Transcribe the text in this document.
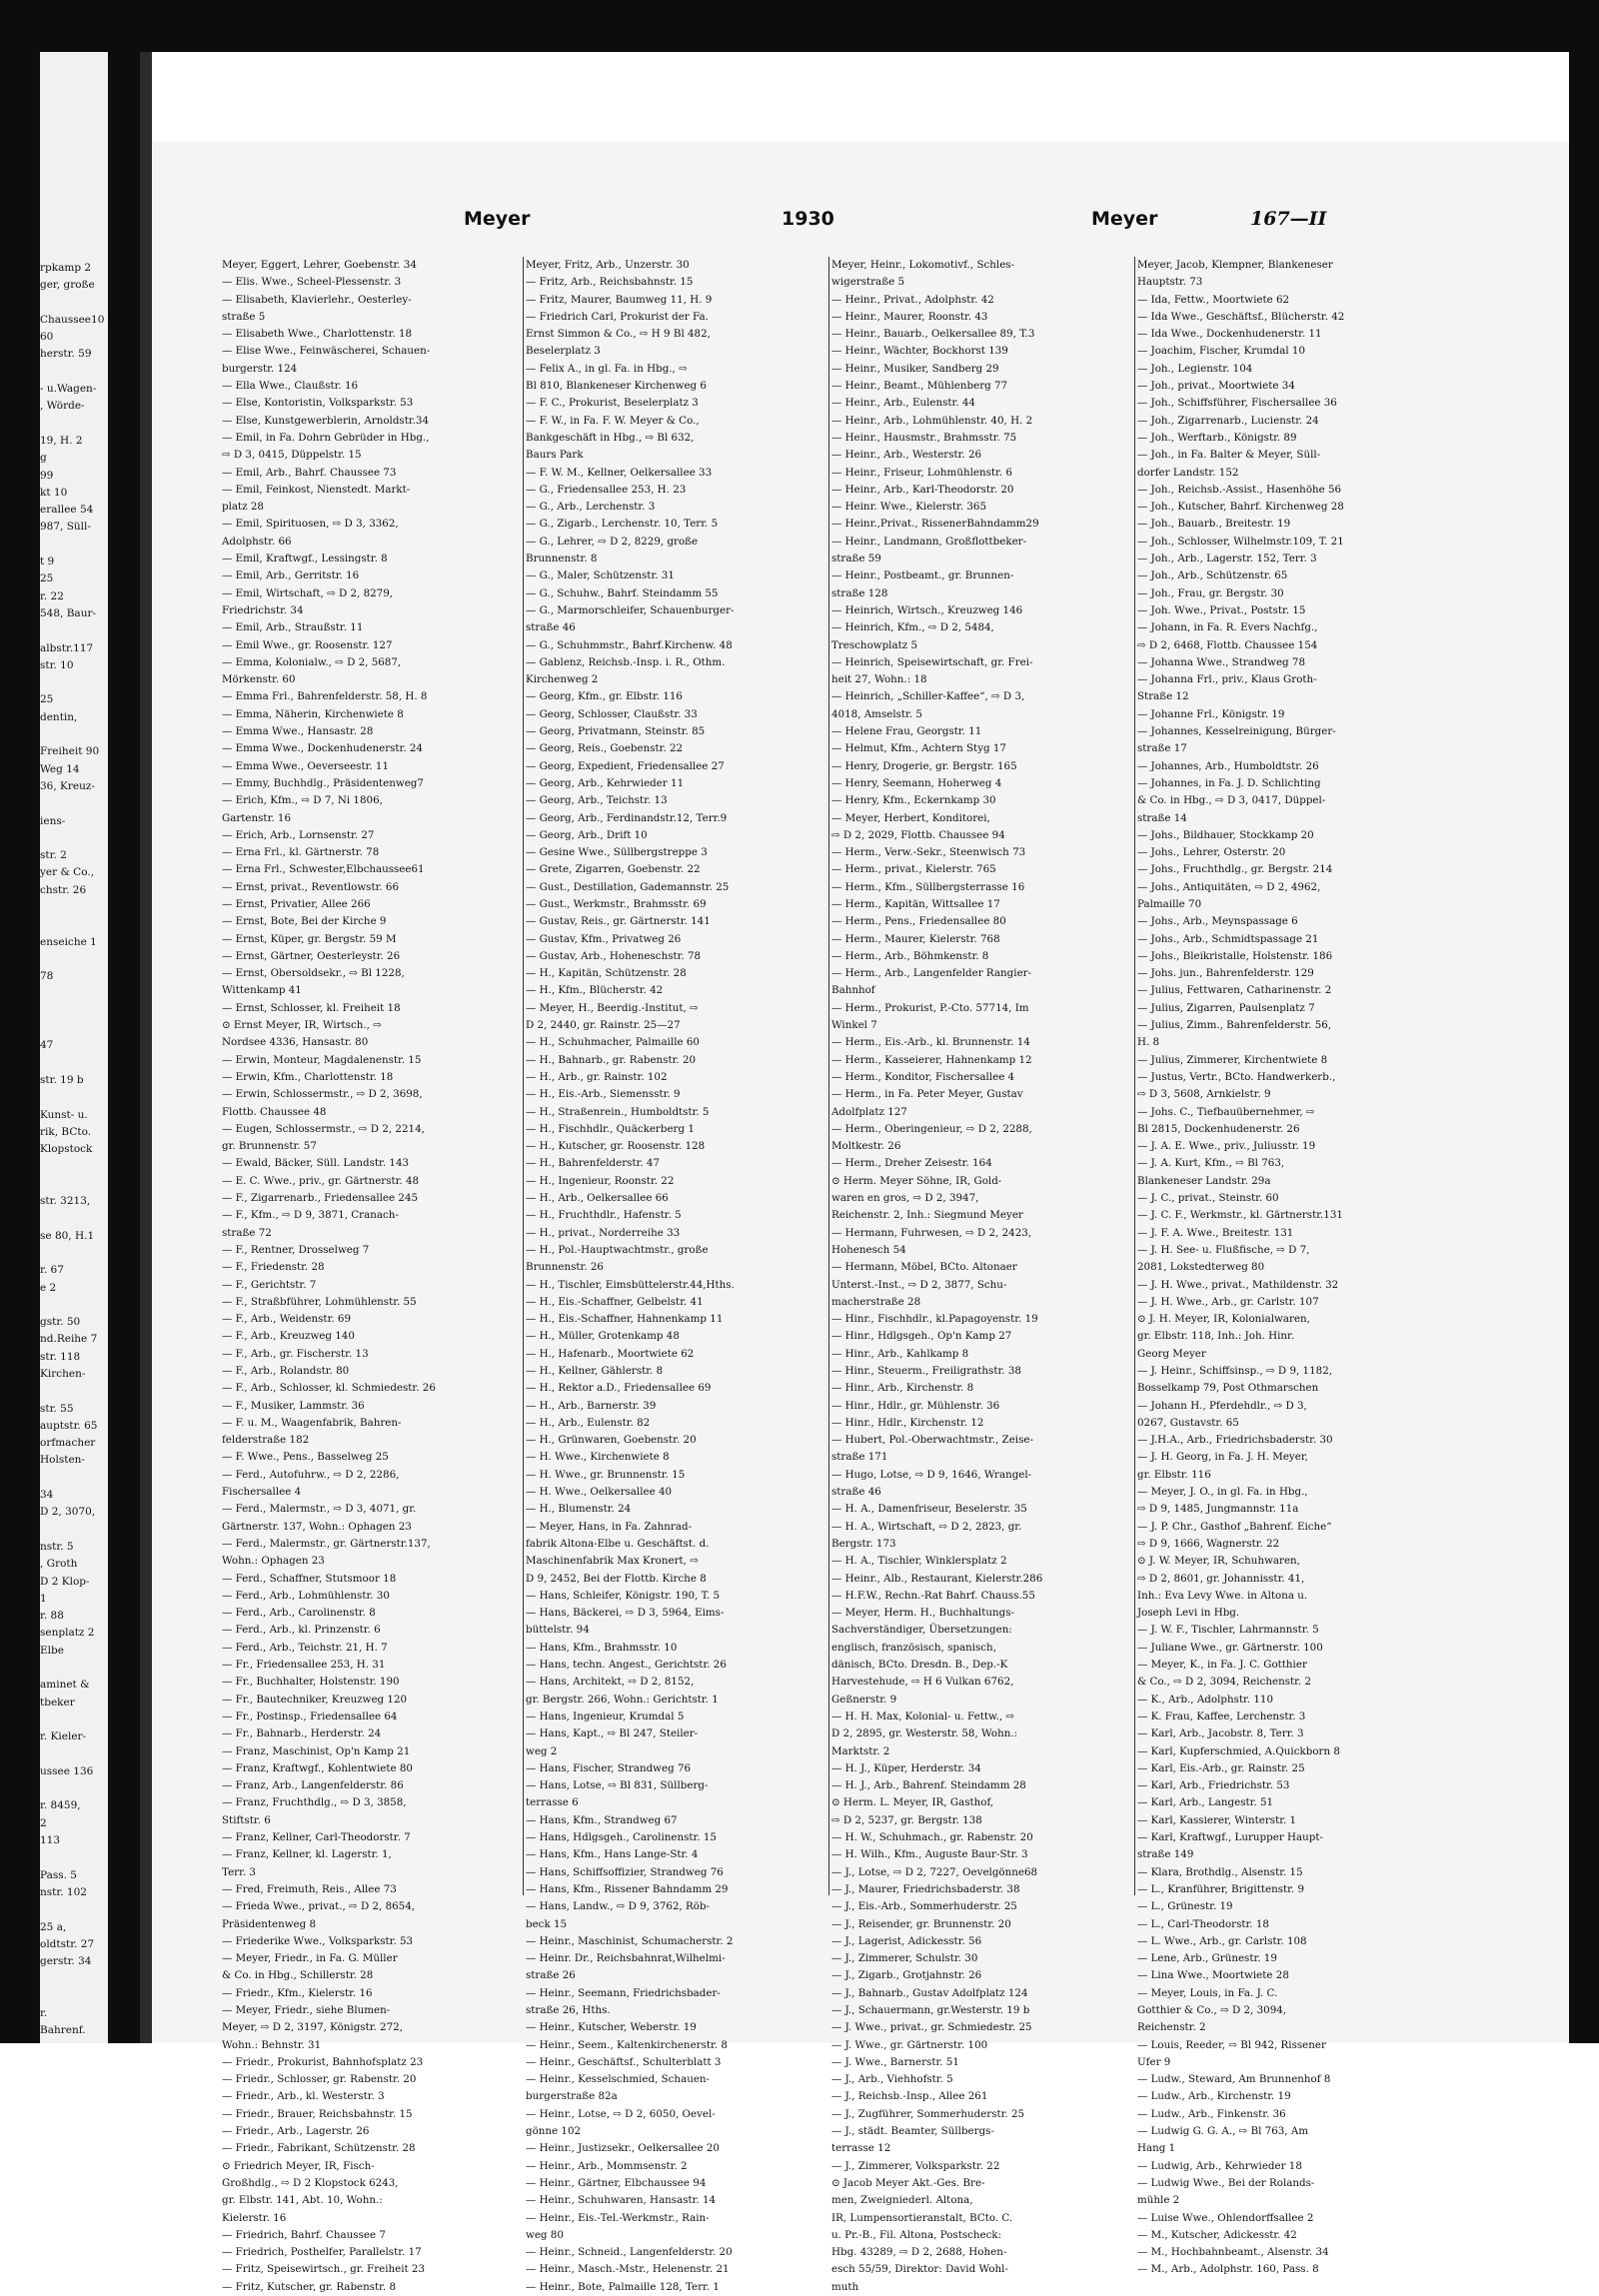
rpkamp 2
ger, große

Chaussee10
60
herstr. 59

- u.Wagen-
, Wörde-

19, H. 2
g
99
kt 10
erallee 54
987, Süll-

t 9
25
r. 22
548, Baur-

albstr.117
str. 10

25
dentin,

Freiheit 90
Weg 14
36, Kreuz-

iens-

str. 2
yer & Co.,
chstr. 26

enseiche 1

78

47

str. 19 b

Kunst- u.
rik, BCto.
Klopstock

str. 3213,

se 80, H.1

r. 67
e 2

gstr. 50
nd.Reihe 7
str. 118
Kirchen-

str. 55
auptstr. 65
orfmacher
Holsten-

34
D 2, 3070,

nstr. 5
, Groth
D 2 Klop-
1
r. 88
senplatz 2
Elbe

aminet &
tbeker

r. Kieler-

ussee 136

r. 8459,
2
113

Pass. 5
nstr. 102

25 a,
oldtstr. 27
gerstr. 34

r.
Bahrenf.

Meyer	1930	Meyer	167—II
Meyer, Eggert, Lehrer, Goebenstr. 34
— Elis. Wwe., Scheel-Plessenstr. 3
— Elisabeth, Klavierlehr., Oesterley-
straße 5
— Elisabeth Wwe., Charlottenstr. 18
— Elise Wwe., Feinwäscherei, Schauen-
burgerstr. 124
— Ella Wwe., Claußstr. 16
— Else, Kontoristin, Volksparkstr. 53
— Else, Kunstgewerblerin, Arnoldstr.34
— Emil, in Fa. Dohrn Gebrüder in Hbg.,
⇨ D 3, 0415, Düppelstr. 15
— Emil, Arb., Bahrf. Chaussee 73
— Emil, Feinkost, Nienstedt. Markt-
platz 28
— Emil, Spirituosen, ⇨ D 3, 3362,
Adolphstr. 66
— Emil, Kraftwgf., Lessingstr. 8
— Emil, Arb., Gerritstr. 16
— Emil, Wirtschaft, ⇨ D 2, 8279,
Friedrichstr. 34
— Emil, Arb., Straußstr. 11
— Emil Wwe., gr. Roosenstr. 127
— Emma, Kolonialw., ⇨ D 2, 5687,
Mörkenstr. 60
— Emma Frl., Bahrenfelderstr. 58, H. 8
— Emma, Näherin, Kirchenwiete 8
— Emma Wwe., Hansastr. 28
— Emma Wwe., Dockenhudenerstr. 24
— Emma Wwe., Oeverseestr. 11
— Emmy, Buchhdlg., Präsidentenweg7
— Erich, Kfm., ⇨ D 7, Ni 1806,
Gartenstr. 16
— Erich, Arb., Lornsenstr. 27
— Erna Frl., kl. Gärtnerstr. 78
— Erna Frl., Schwester,Elbchaussee61
— Ernst, privat., Reventlowstr. 66
— Ernst, Privatier, Allee 266
— Ernst, Bote, Bei der Kirche 9
— Ernst, Küper, gr. Bergstr. 59 M
— Ernst, Gärtner, Oesterleystr. 26
— Ernst, Obersoldsekr., ⇨ Bl 1228,
Wittenkamp 41
— Ernst, Schlosser, kl. Freiheit 18
⊙ Ernst Meyer, IR, Wirtsch., ⇨
Nordsee 4336, Hansastr. 80
— Erwin, Monteur, Magdalenenstr. 15
— Erwin, Kfm., Charlottenstr. 18
— Erwin, Schlossermstr., ⇨ D 2, 3698,
Flottb. Chaussee 48
— Eugen, Schlossermstr., ⇨ D 2, 2214,
gr. Brunnenstr. 57
— Ewald, Bäcker, Süll. Landstr. 143
— E. C. Wwe., priv., gr. Gärtnerstr. 48
— F., Zigarrenarb., Friedensallee 245
— F., Kfm., ⇨ D 9, 3871, Cranach-
straße 72
— F., Rentner, Drosselweg 7
— F., Friedenstr. 28
— F., Gerichtstr. 7
— F., Straßbführer, Lohmühlenstr. 55
— F., Arb., Weidenstr. 69
— F., Arb., Kreuzweg 140
— F., Arb., gr. Fischerstr. 13
— F., Arb., Rolandstr. 80
— F., Arb., Schlosser, kl. Schmiedestr. 26
— F., Musiker, Lammstr. 36
— F. u. M., Waagenfabrik, Bahren-
felderstraße 182
— F. Wwe., Pens., Basselweg 25
— Ferd., Autofuhrw., ⇨ D 2, 2286,
Fischersallee 4
— Ferd., Malermstr., ⇨ D 3, 4071, gr.
Gärtnerstr. 137, Wohn.: Ophagen 23
— Ferd., Malermstr., gr. Gärtnerstr.137,
Wohn.: Ophagen 23
— Ferd., Schaffner, Stutsmoor 18
— Ferd., Arb., Lohmühlenstr. 30
— Ferd., Arb., Carolinenstr. 8
— Ferd., Arb., kl. Prinzenstr. 6
— Ferd., Arb., Teichstr. 21, H. 7
— Fr., Friedensallee 253, H. 31
— Fr., Buchhalter, Holstenstr. 190
— Fr., Bautechniker, Kreuzweg 120
— Fr., Postinsp., Friedensallee 64
— Fr., Bahnarb., Herderstr. 24
— Franz, Maschinist, Op'n Kamp 21
— Franz, Kraftwgf., Kohlentwiete 80
— Franz, Arb., Langenfelderstr. 86
— Franz, Fruchthdlg., ⇨ D 3, 3858,
Stiftstr. 6
— Franz, Kellner, Carl-Theodorstr. 7
— Franz, Kellner, kl. Lagerstr. 1,
Terr. 3
— Fred, Freimuth, Reis., Allee 73
— Frieda Wwe., privat., ⇨ D 2, 8654,
Präsidentenweg 8
— Friederike Wwe., Volksparkstr. 53
— Meyer, Friedr., in Fa. G. Müller
& Co. in Hbg., Schillerstr. 28
— Friedr., Kfm., Kielerstr. 16
— Meyer, Friedr., siehe Blumen-
Meyer, ⇨ D 2, 3197, Königstr. 272,
Wohn.: Behnstr. 31
— Friedr., Prokurist, Bahnhofsplatz 23
— Friedr., Schlosser, gr. Rabenstr. 20
— Friedr., Arb., kl. Westerstr. 3
— Friedr., Brauer, Reichsbahnstr. 15
— Friedr., Arb., Lagerstr. 26
— Friedr., Fabrikant, Schützenstr. 28
⊙ Friedrich Meyer, IR, Fisch-
Großhdlg., ⇨ D 2 Klopstock 6243,
gr. Elbstr. 141, Abt. 10, Wohn.:
Kielerstr. 16
— Friedrich, Bahrf. Chaussee 7
— Friedrich, Posthelfer, Parallelstr. 17
— Fritz, Speisewirtsch., gr. Freiheit 23
— Fritz, Kutscher, gr. Rabenstr. 8
Meyer, Fritz, Arb., Unzerstr. 30
— Fritz, Arb., Reichsbahnstr. 15
— Fritz, Maurer, Baumweg 11, H. 9
— Friedrich Carl, Prokurist der Fa.
Ernst Simmon & Co., ⇨ H 9 Bl 482,
Beselerplatz 3
— Felix A., in gl. Fa. in Hbg., ⇨
Bl 810, Blankeneser Kirchenweg 6
— F. C., Prokurist, Beselerplatz 3
— F. W., in Fa. F. W. Meyer & Co.,
Bankgeschäft in Hbg., ⇨ Bl 632,
Baurs Park
— F. W. M., Kellner, Oelkersallee 33
— G., Friedensallee 253, H. 23
— G., Arb., Lerchenstr. 3
— G., Zigarb., Lerchenstr. 10, Terr. 5
— G., Lehrer, ⇨ D 2, 8229, große
Brunnenstr. 8
— G., Maler, Schützenstr. 31
— G., Schuhw., Bahrf. Steindamm 55
— G., Marmorschleifer, Schauenburger-
straße 46
— G., Schuhmmstr., Bahrf.Kirchenw. 48
— Gablenz, Reichsb.-Insp. i. R., Othm.
Kirchenweg 2
— Georg, Kfm., gr. Elbstr. 116
— Georg, Schlosser, Claußstr. 33
— Georg, Privatmann, Steinstr. 85
— Georg, Reis., Goebenstr. 22
— Georg, Expedient, Friedensallee 27
— Georg, Arb., Kehrwieder 11
— Georg, Arb., Teichstr. 13
— Georg, Arb., Ferdinandstr.12, Terr.9
— Georg, Arb., Drift 10
— Gesine Wwe., Süllbergstreppe 3
— Grete, Zigarren, Goebenstr. 22
— Gust., Destillation, Gademannstr. 25
— Gust., Werkmstr., Brahmsstr. 69
— Gustav, Reis., gr. Gärtnerstr. 141
— Gustav, Kfm., Privatweg 26
— Gustav, Arb., Hoheneschstr. 78
— H., Kapitän, Schützenstr. 28
— H., Kfm., Blücherstr. 42
— Meyer, H., Beerdig.-Institut, ⇨
D 2, 2440, gr. Rainstr. 25—27
— H., Schuhmacher, Palmaille 60
— H., Bahnarb., gr. Rabenstr. 20
— H., Arb., gr. Rainstr. 102
— H., Eis.-Arb., Siemensstr. 9
— H., Straßenrein., Humboldtstr. 5
— H., Fischhdlr., Quäckerberg 1
— H., Kutscher, gr. Roosenstr. 128
— H., Bahrenfelderstr. 47
— H., Ingenieur, Roonstr. 22
— H., Arb., Oelkersallee 66
— H., Fruchthdlr., Hafenstr. 5
— H., privat., Norderreihe 33
— H., Pol.-Hauptwachtmstr., große
Brunnenstr. 26
— H., Tischler, Eimsbüttelerstr.44,Hths.
— H., Eis.-Schaffner, Gelbelstr. 41
— H., Eis.-Schaffner, Hahnenkamp 11
— H., Müller, Grotenkamp 48
— H., Hafenarb., Moortwiete 62
— H., Kellner, Gählerstr. 8
— H., Rektor a.D., Friedensallee 69
— H., Arb., Barnerstr. 39
— H., Arb., Eulenstr. 82
— H., Grünwaren, Goebenstr. 20
— H. Wwe., Kirchenwiete 8
— H. Wwe., gr. Brunnenstr. 15
— H. Wwe., Oelkersallee 40
— H., Blumenstr. 24
— Meyer, Hans, in Fa. Zahnrad-
fabrik Altona-Elbe u. Geschäftst. d.
Maschinenfabrik Max Kronert, ⇨
D 9, 2452, Bei der Flottb. Kirche 8
— Hans, Schleifer, Königstr. 190, T. 5
— Hans, Bäckerei, ⇨ D 3, 5964, Eims-
büttelstr. 94
— Hans, Kfm., Brahmsstr. 10
— Hans, techn. Angest., Gerichtstr. 26
— Hans, Architekt, ⇨ D 2, 8152,
gr. Bergstr. 266, Wohn.: Gerichtstr. 1
— Hans, Ingenieur, Krumdal 5
— Hans, Kapt., ⇨ Bl 247, Steiler-
weg 2
— Hans, Fischer, Strandweg 76
— Hans, Lotse, ⇨ Bl 831, Süllberg-
terrasse 6
— Hans, Kfm., Strandweg 67
— Hans, Hdlgsgeh., Carolinenstr. 15
— Hans, Kfm., Hans Lange-Str. 4
— Hans, Schiffsoffizier, Strandweg 76
— Hans, Kfm., Rissener Bahndamm 29
— Hans, Landw., ⇨ D 9, 3762, Röb-
beck 15
— Heinr., Maschinist, Schumacherstr. 2
— Heinr. Dr., Reichsbahnrat,Wilhelmi-
straße 26
— Heinr., Seemann, Friedrichsbader-
straße 26, Hths.
— Heinr., Kutscher, Weberstr. 19
— Heinr., Seem., Kaltenkirchenerstr. 8
— Heinr., Geschäftsf., Schulterblatt 3
— Heinr., Kesselschmied, Schauen-
burgerstraße 82a
— Heinr., Lotse, ⇨ D 2, 6050, Oevel-
gönne 102
— Heinr., Justizsekr., Oelkersallee 20
— Heinr., Arb., Mommsenstr. 2
— Heinr., Gärtner, Elbchaussee 94
— Heinr., Schuhwaren, Hansastr. 14
— Heinr., Eis.-Tel.-Werkmstr., Rain-
weg 80
— Heinr., Schneid., Langenfelderstr. 20
— Heinr., Masch.-Mstr., Helenenstr. 21
— Heinr., Bote, Palmaille 128, Terr. 1
Meyer, Heinr., Lokomotivf., Schles-
wigerstraße 5
— Heinr., Privat., Adolphstr. 42
— Heinr., Maurer, Roonstr. 43
— Heinr., Bauarb., Oelkersallee 89, T.3
— Heinr., Wächter, Bockhorst 139
— Heinr., Musiker, Sandberg 29
— Heinr., Beamt., Mühlenberg 77
— Heinr., Arb., Eulenstr. 44
— Heinr., Arb., Lohmühlenstr. 40, H. 2
— Heinr., Hausmstr., Brahmsstr. 75
— Heinr., Arb., Westerstr. 26
— Heinr., Friseur, Lohmühlenstr. 6
— Heinr., Arb., Karl-Theodorstr. 20
— Heinr. Wwe., Kielerstr. 365
— Heinr.,Privat., RissenerBahndamm29
— Heinr., Landmann, Großflottbeker-
straße 59
— Heinr., Postbeamt., gr. Brunnen-
straße 128
— Heinrich, Wirtsch., Kreuzweg 146
— Heinrich, Kfm., ⇨ D 2, 5484,
Treschowplatz 5
— Heinrich, Speisewirtschaft, gr. Frei-
heit 27, Wohn.: 18
— Heinrich, „Schiller-Kaffee“, ⇨ D 3,
4018, Amselstr. 5
— Helene Frau, Georgstr. 11
— Helmut, Kfm., Achtern Styg 17
— Henry, Drogerie, gr. Bergstr. 165
— Henry, Seemann, Hoherweg 4
— Henry, Kfm., Eckernkamp 30
— Meyer, Herbert, Konditorei,
⇨ D 2, 2029, Flottb. Chaussee 94
— Herm., Verw.-Sekr., Steenwisch 73
— Herm., privat., Kielerstr. 765
— Herm., Kfm., Süllbergsterrasse 16
— Herm., Kapitän, Wittsallee 17
— Herm., Pens., Friedensallee 80
— Herm., Maurer, Kielerstr. 768
— Herm., Arb., Böhmkenstr. 8
— Herm., Arb., Langenfelder Rangier-
Bahnhof
— Herm., Prokurist, P.-Cto. 57714, Im
Winkel 7
— Herm., Eis.-Arb., kl. Brunnenstr. 14
— Herm., Kasseierer, Hahnenkamp 12
— Herm., Konditor, Fischersallee 4
— Herm., in Fa. Peter Meyer, Gustav
Adolfplatz 127
— Herm., Oberingenieur, ⇨ D 2, 2288,
Moltkestr. 26
— Herm., Dreher Zeisestr. 164
⊙ Herm. Meyer Söhne, IR, Gold-
waren en gros, ⇨ D 2, 3947,
Reichenstr. 2, Inh.: Siegmund Meyer
— Hermann, Fuhrwesen, ⇨ D 2, 2423,
Hohenesch 54
— Hermann, Möbel, BCto. Altonaer
Unterst.-Inst., ⇨ D 2, 3877, Schu-
macherstraße 28
— Hinr., Fischhdlr., kl.Papagoyenstr. 19
— Hinr., Hdlgsgeh., Op'n Kamp 27
— Hinr., Arb., Kahlkamp 8
— Hinr., Steuerm., Freiligrathstr. 38
— Hinr., Arb., Kirchenstr. 8
— Hinr., Hdlr., gr. Mühlenstr. 36
— Hinr., Hdlr., Kirchenstr. 12
— Hubert, Pol.-Oberwachtmstr., Zeise-
straße 171
— Hugo, Lotse, ⇨ D 9, 1646, Wrangel-
straße 46
— H. A., Damenfriseur, Beselerstr. 35
— H. A., Wirtschaft, ⇨ D 2, 2823, gr.
Bergstr. 173
— H. A., Tischler, Winklersplatz 2
— Heinr., Alb., Restaurant, Kielerstr.286
— H.F.W., Rechn.-Rat Bahrf. Chauss.55
— Meyer, Herm. H., Buchhaltungs-
Sachverständiger, Übersetzungen:
englisch, französisch, spanisch,
dänisch, BCto. Dresdn. B., Dep.-K
Harvestehude, ⇨ H 6 Vulkan 6762,
Geßnerstr. 9
— H. H. Max, Kolonial- u. Fettw., ⇨
D 2, 2895, gr. Westerstr. 58, Wohn.:
Marktstr. 2
— H. J., Küper, Herderstr. 34
— H. J., Arb., Bahrenf. Steindamm 28
⊙ Herm. L. Meyer, IR, Gasthof,
⇨ D 2, 5237, gr. Bergstr. 138
— H. W., Schuhmach., gr. Rabenstr. 20
— H. Wilh., Kfm., Auguste Baur-Str. 3
— J., Lotse, ⇨ D 2, 7227, Oevelgönne68
— J., Maurer, Friedrichsbaderstr. 38
— J., Eis.-Arb., Sommerhuderstr. 25
— J., Reisender, gr. Brunnenstr. 20
— J., Lagerist, Adickesstr. 56
— J., Zimmerer, Schulstr. 30
— J., Zigarb., Grotjahnstr. 26
— J., Bahnarb., Gustav Adolfplatz 124
— J., Schauermann, gr.Westerstr. 19 b
— J. Wwe., privat., gr. Schmiedestr. 25
— J. Wwe., gr. Gärtnerstr. 100
— J. Wwe., Barnerstr. 51
— J., Arb., Viehhofstr. 5
— J., Reichsb.-Insp., Allee 261
— J., Zugführer, Sommerhuderstr. 25
— J., städt. Beamter, Süllbergs-
terrasse 12
— J., Zimmerer, Volksparkstr. 22
⊙ Jacob Meyer Akt.-Ges. Bre-
men, Zweigniederl. Altona,
IR, Lumpensortieranstalt, BCto. C.
u. Pr.-B., Fil. Altona, Postscheck:
Hbg. 43289, ⇨ D 2, 2688, Hohen-
esch 55/59, Direktor: David Wohl-
muth
Meyer, Jacob, Klempner, Blankeneser
Hauptstr. 73
— Ida, Fettw., Moortwiete 62
— Ida Wwe., Geschäftsf., Blücherstr. 42
— Ida Wwe., Dockenhudenerstr. 11
— Joachim, Fischer, Krumdal 10
— Joh., Legienstr. 104
— Joh., privat., Moortwiete 34
— Joh., Schiffsführer, Fischersallee 36
— Joh., Zigarrenarb., Lucienstr. 24
— Joh., Werftarb., Königstr. 89
— Joh., in Fa. Balter & Meyer, Süll-
dorfer Landstr. 152
— Joh., Reichsb.-Assist., Hasenhöhe 56
— Joh., Kutscher, Bahrf. Kirchenweg 28
— Joh., Bauarb., Breitestr. 19
— Joh., Schlosser, Wilhelmstr.109, T. 21
— Joh., Arb., Lagerstr. 152, Terr. 3
— Joh., Arb., Schützenstr. 65
— Joh., Frau, gr. Bergstr. 30
— Joh. Wwe., Privat., Poststr. 15
— Johann, in Fa. R. Evers Nachfg.,
⇨ D 2, 6468, Flottb. Chaussee 154
— Johanna Wwe., Strandweg 78
— Johanna Frl., priv., Klaus Groth-
Straße 12
— Johanne Frl., Königstr. 19
— Johannes, Kesselreinigung, Bürger-
straße 17
— Johannes, Arb., Humboldtstr. 26
— Johannes, in Fa. J. D. Schlichting
& Co. in Hbg., ⇨ D 3, 0417, Düppel-
straße 14
— Johs., Bildhauer, Stockkamp 20
— Johs., Lehrer, Osterstr. 20
— Johs., Fruchthdlg., gr. Bergstr. 214
— Johs., Antiquitäten, ⇨ D 2, 4962,
Palmaille 70
— Johs., Arb., Meynspassage 6
— Johs., Arb., Schmidtspassage 21
— Johs., Bleikristalle, Holstenstr. 186
— Johs. jun., Bahrenfelderstr. 129
— Julius, Fettwaren, Catharinenstr. 2
— Julius, Zigarren, Paulsenplatz 7
— Julius, Zimm., Bahrenfelderstr. 56,
H. 8
— Julius, Zimmerer, Kirchentwiete 8
— Justus, Vertr., BCto. Handwerkerb.,
⇨ D 3, 5608, Arnkielstr. 9
— Johs. C., Tiefbauübernehmer, ⇨
Bl 2815, Dockenhudenerstr. 26
— J. A. E. Wwe., priv., Juliusstr. 19
— J. A. Kurt, Kfm., ⇨ Bl 763,
Blankeneser Landstr. 29a
— J. C., privat., Steinstr. 60
— J. C. F., Werkmstr., kl. Gärtnerstr.131
— J. F. A. Wwe., Breitestr. 131
— J. H. See- u. Flußfische, ⇨ D 7,
2081, Lokstedterweg 80
— J. H. Wwe., privat., Mathildenstr. 32
— J. H. Wwe., Arb., gr. Carlstr. 107
⊙ J. H. Meyer, IR, Kolonialwaren,
gr. Elbstr. 118, Inh.: Joh. Hinr.
Georg Meyer
— J. Heinr., Schiffsinsp., ⇨ D 9, 1182,
Bosselkamp 79, Post Othmarschen
— Johann H., Pferdehdlr., ⇨ D 3,
0267, Gustavstr. 65
— J.H.A., Arb., Friedrichsbaderstr. 30
— J. H. Georg, in Fa. J. H. Meyer,
gr. Elbstr. 116
— Meyer, J. O., in gl. Fa. in Hbg.,
⇨ D 9, 1485, Jungmannstr. 11a
— J. P. Chr., Gasthof „Bahrenf. Eiche“
⇨ D 9, 1666, Wagnerstr. 22
⊙ J. W. Meyer, IR, Schuhwaren,
⇨ D 2, 8601, gr. Johannisstr. 41,
Inh.: Eva Levy Wwe. in Altona u.
Joseph Levi in Hbg.
— J. W. F., Tischler, Lahrmannstr. 5
— Juliane Wwe., gr. Gärtnerstr. 100
— Meyer, K., in Fa. J. C. Gotthier
& Co., ⇨ D 2, 3094, Reichenstr. 2
— K., Arb., Adolphstr. 110
— K. Frau, Kaffee, Lerchenstr. 3
— Karl, Arb., Jacobstr. 8, Terr. 3
— Karl, Kupferschmied, A.Quickborn 8
— Karl, Eis.-Arb., gr. Rainstr. 25
— Karl, Arb., Friedrichstr. 53
— Karl, Arb., Langestr. 51
— Karl, Kassierer, Winterstr. 1
— Karl, Kraftwgf., Lurupper Haupt-
straße 149
— Klara, Brothdlg., Alsenstr. 15
— L., Kranführer, Brigittenstr. 9
— L., Grünestr. 19
— L., Carl-Theodorstr. 18
— L. Wwe., Arb., gr. Carlstr. 108
— Lene, Arb., Grünestr. 19
— Lina Wwe., Moortwiete 28
— Meyer, Louis, in Fa. J. C.
Gotthier & Co., ⇨ D 2, 3094,
Reichenstr. 2
— Louis, Reeder, ⇨ Bl 942, Rissener
Ufer 9
— Ludw., Steward, Am Brunnenhof 8
— Ludw., Arb., Kirchenstr. 19
— Ludw., Arb., Finkenstr. 36
— Ludwig G. G. A., ⇨ Bl 763, Am
Hang 1
— Ludwig, Arb., Kehrwieder 18
— Ludwig Wwe., Bei der Rolands-
mühle 2
— Luise Wwe., Ohlendorffsallee 2
— M., Kutscher, Adickesstr. 42
— M., Hochbahnbeamt., Alsenstr. 34
— M., Arb., Adolphstr. 160, Pass. 8
